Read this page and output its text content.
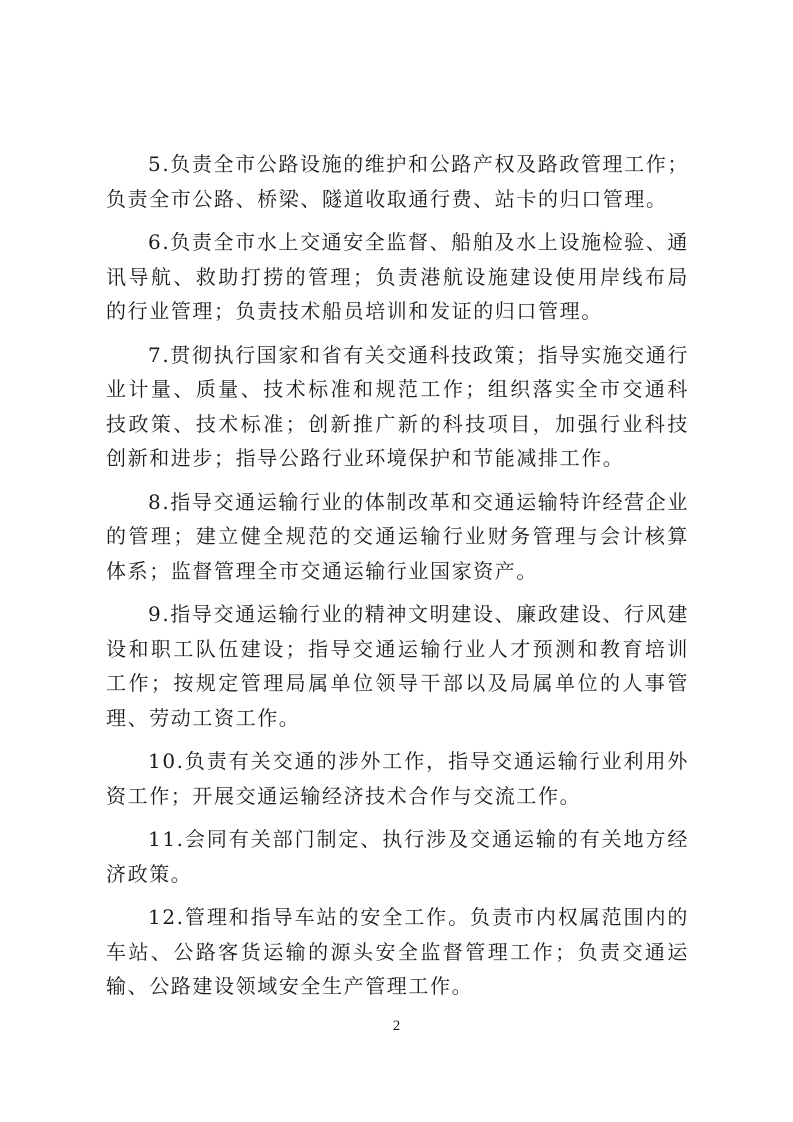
5.负责全市公路设施的维护和公路产权及路政管理工作；负责全市公路、桥梁、隧道收取通行费、站卡的归口管理。

6.负责全市水上交通安全监督、船舶及水上设施检验、通讯导航、救助打捞的管理；负责港航设施建设使用岸线布局的行业管理；负责技术船员培训和发证的归口管理。

7.贯彻执行国家和省有关交通科技政策；指导实施交通行业计量、质量、技术标准和规范工作；组织落实全市交通科技政策、技术标准；创新推广新的科技项目，加强行业科技创新和进步；指导公路行业环境保护和节能减排工作。

8.指导交通运输行业的体制改革和交通运输特许经营企业的管理；建立健全规范的交通运输行业财务管理与会计核算体系；监督管理全市交通运输行业国家资产。

9.指导交通运输行业的精神文明建设、廉政建设、行风建设和职工队伍建设；指导交通运输行业人才预测和教育培训工作；按规定管理局属单位领导干部以及局属单位的人事管理、劳动工资工作。

10.负责有关交通的涉外工作，指导交通运输行业利用外资工作；开展交通运输经济技术合作与交流工作。

11.会同有关部门制定、执行涉及交通运输的有关地方经济政策。

12.管理和指导车站的安全工作。负责市内权属范围内的车站、公路客货运输的源头安全监督管理工作；负责交通运输、公路建设领域安全生产管理工作。

2
